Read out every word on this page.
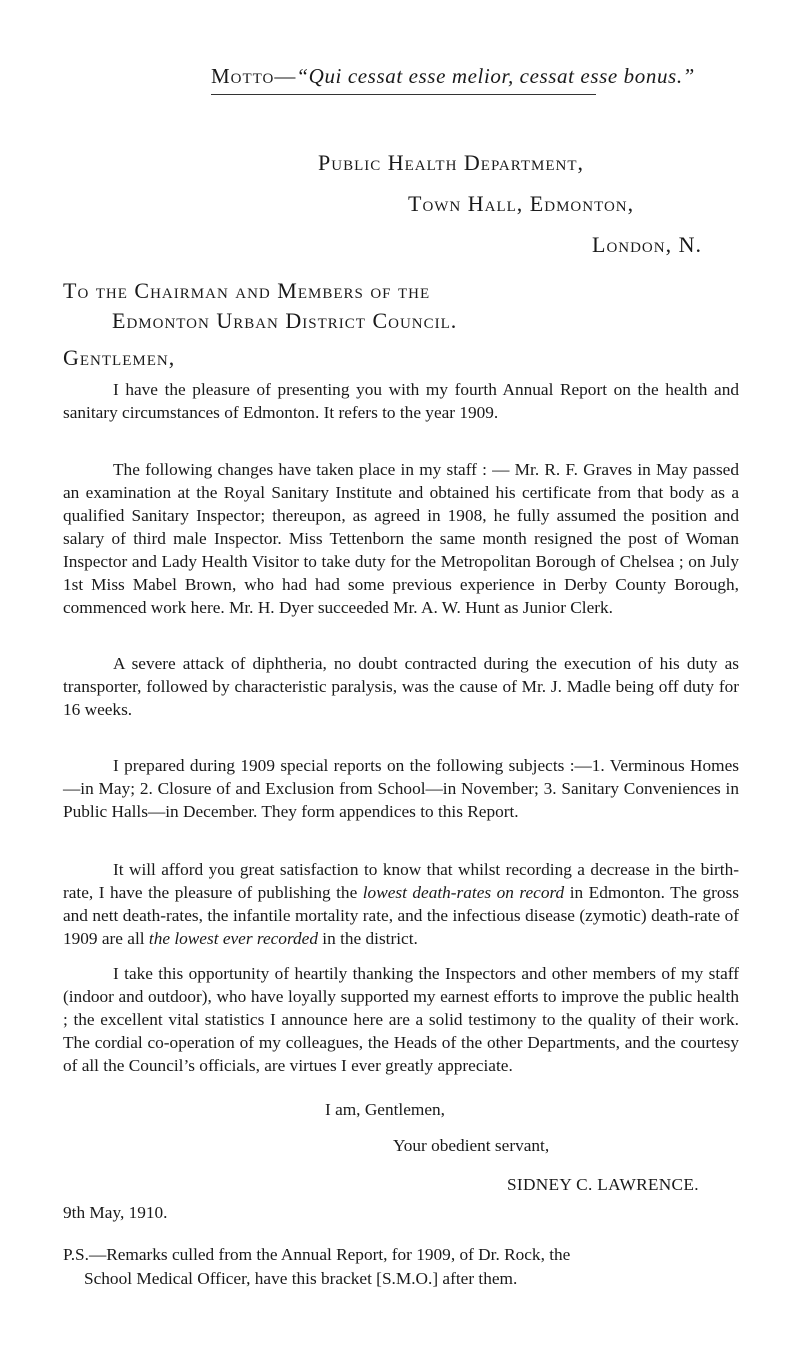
Motto—“Qui cessat esse melior, cessat esse bonus.”
Public Health Department,
Town Hall, Edmonton,
London, N.
To the Chairman and Members of the
Edmonton Urban District Council.
Gentlemen,
I have the pleasure of presenting you with my fourth Annual Report on the health and sanitary circumstances of Edmonton. It refers to the year 1909.
The following changes have taken place in my staff : — Mr. R. F. Graves in May passed an examination at the Royal Sanitary Institute and obtained his certificate from that body as a qualified Sanitary Inspector; thereupon, as agreed in 1908, he fully assumed the position and salary of third male Inspector. Miss Tettenborn the same month resigned the post of Woman Inspector and Lady Health Visitor to take duty for the Metropolitan Borough of Chelsea ; on July 1st Miss Mabel Brown, who had had some previous experience in Derby County Borough, commenced work here. Mr. H. Dyer succeeded Mr. A. W. Hunt as Junior Clerk.
A severe attack of diphtheria, no doubt contracted during the execution of his duty as transporter, followed by characteristic paralysis, was the cause of Mr. J. Madle being off duty for 16 weeks.
I prepared during 1909 special reports on the following subjects :—1. Verminous Homes—in May; 2. Closure of and Exclusion from School—in November; 3. Sanitary Conveniences in Public Halls—in December. They form appendices to this Report.
It will afford you great satisfaction to know that whilst recording a decrease in the birth-rate, I have the pleasure of publishing the lowest death-rates on record in Edmonton. The gross and nett death-rates, the infantile mortality rate, and the infectious disease (zymotic) death-rate of 1909 are all the lowest ever recorded in the district.
I take this opportunity of heartily thanking the Inspectors and other members of my staff (indoor and outdoor), who have loyally supported my earnest efforts to improve the public health ; the excellent vital statistics I announce here are a solid testimony to the quality of their work. The cordial co-operation of my colleagues, the Heads of the other Departments, and the courtesy of all the Council’s officials, are virtues I ever greatly appreciate.
I am, Gentlemen,
Your obedient servant,
SIDNEY C. LAWRENCE.
9th May, 1910.
P.S.—Remarks culled from the Annual Report, for 1909, of Dr. Rock, the
School Medical Officer, have this bracket [S.M.O.] after them.
